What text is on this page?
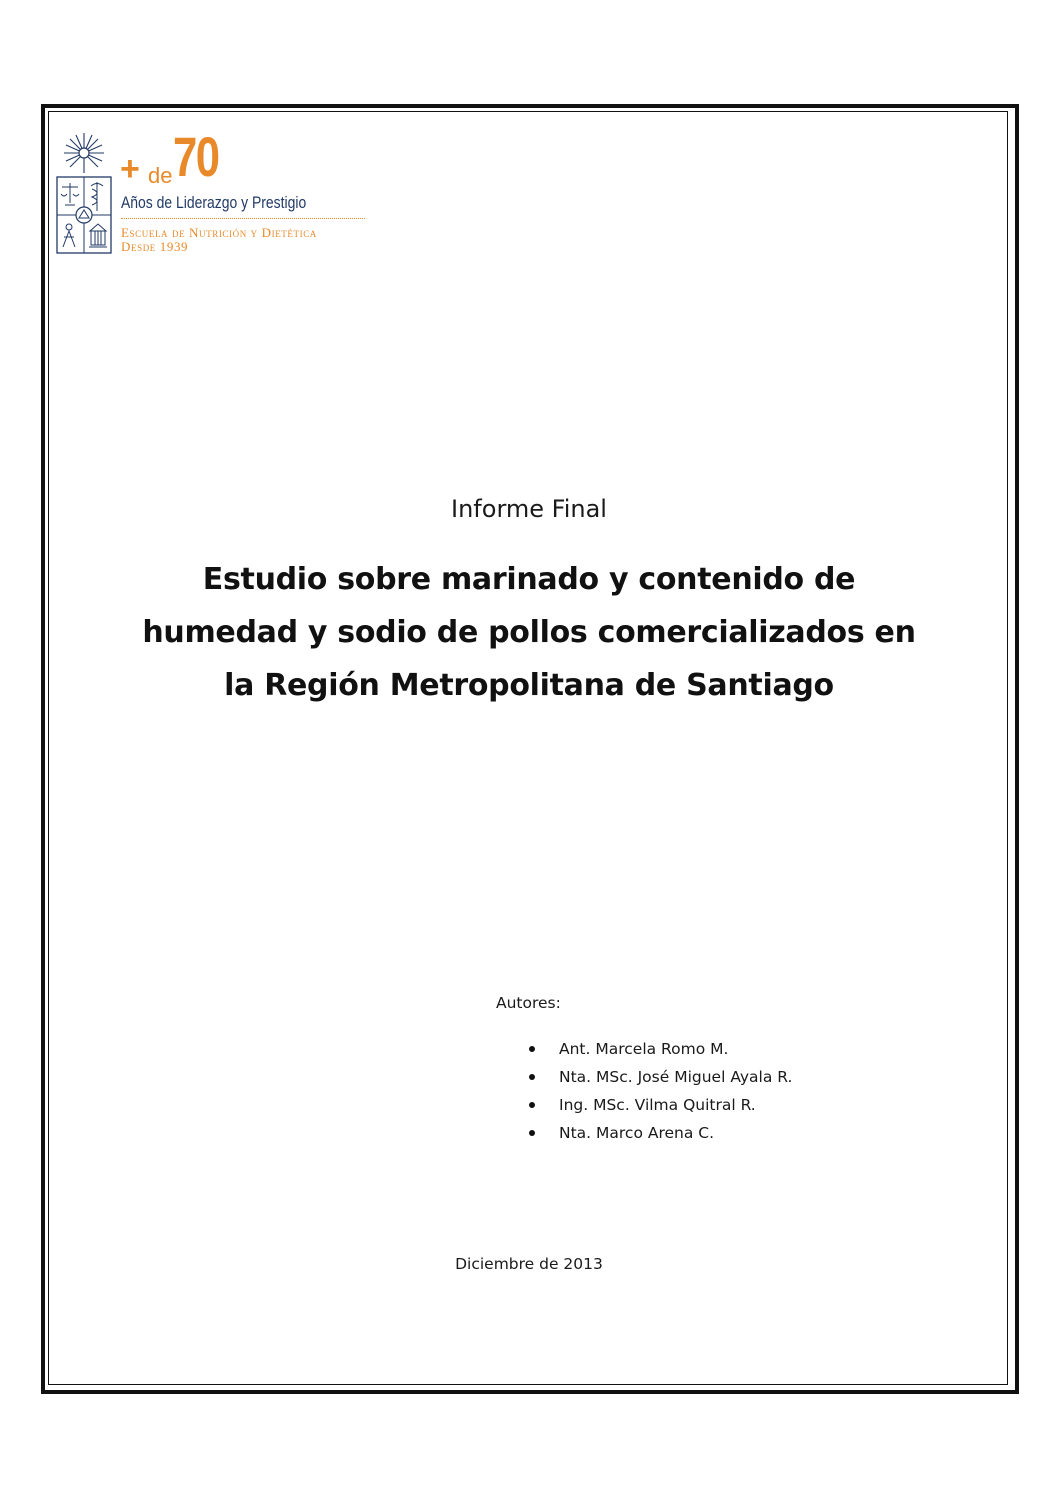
+ de 70
Años de Liderazgo y Prestigio
Escuela de Nutrición y Dietética
Desde 1939
Informe Final
Estudio sobre marinado y contenido de
humedad y sodio de pollos comercializados en
la Región Metropolitana de Santiago
Autores:
Ant. Marcela Romo M.
Nta. MSc. José Miguel Ayala R.
Ing. MSc. Vilma Quitral R.
Nta. Marco Arena C.
Diciembre de 2013
